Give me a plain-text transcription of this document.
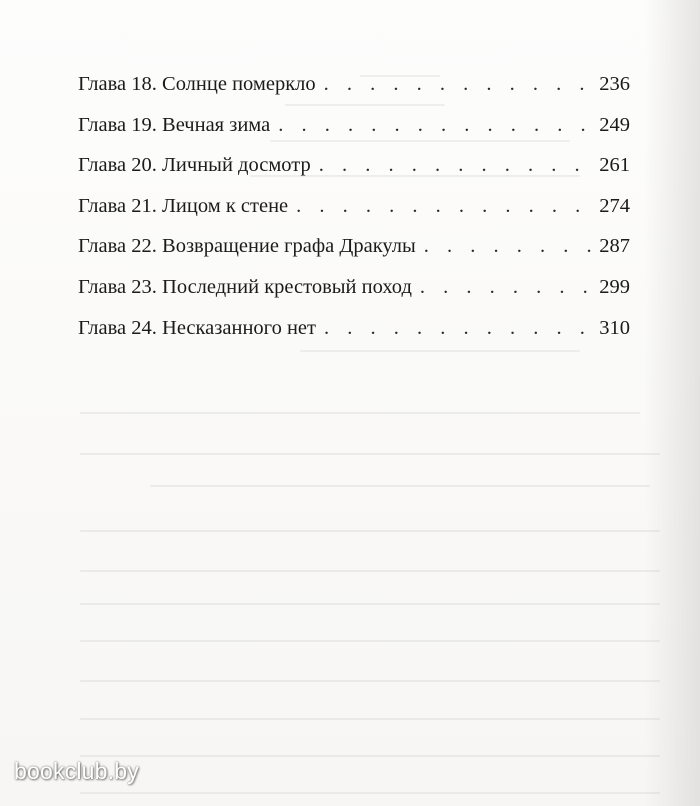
Глава 18. Солнце померкло . . .	236
Глава 19. Вечная зима . . .	249
Глава 20. Личный досмотр . . .	261
Глава 21. Лицом к стене . . .	274
Глава 22. Возвращение графа Дракулы . . .	287
Глава 23. Последний крестовый поход . . .	299
Глава 24. Несказанного нет . . .	310
bookclub.by
